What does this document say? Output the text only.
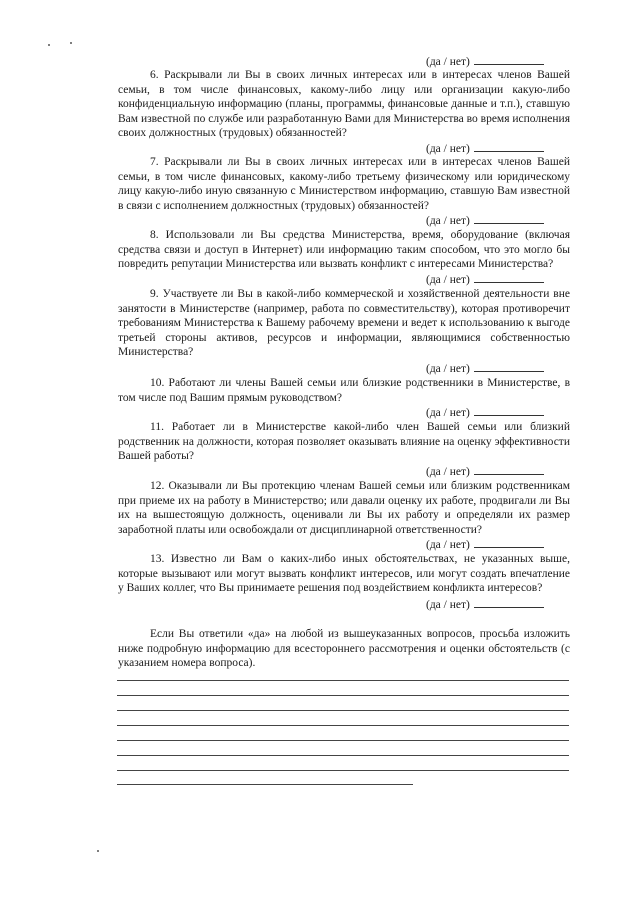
(да / нет)

6. Раскрывали ли Вы в своих личных интересах или в интересах членов Вашей семьи, в том числе финансовых, какому-либо лицу или организации какую-либо конфиденциальную информацию (планы, программы, финансовые данные и т.п.), ставшую Вам известной по службе или разработанную Вами для Министерства во время исполнения своих должностных (трудовых) обязанностей?

(да / нет)

7. Раскрывали ли Вы в своих личных интересах или в интересах членов Вашей семьи, в том числе финансовых, какому-либо третьему физическому или юридическому лицу какую-либо иную связанную с Министерством информацию, ставшую Вам известной в связи с исполнением должностных (трудовых) обязанностей?

(да / нет)

8. Использовали ли Вы средства Министерства, время, оборудование (включая средства связи и доступ в Интернет) или информацию таким способом, что это могло бы повредить репутации Министерства или вызвать конфликт с интересами Министерства?

(да / нет)

9. Участвуете ли Вы в какой-либо коммерческой и хозяйственной деятельности вне занятости в Министерстве (например, работа по совместительству), которая противоречит требованиям Министерства к Вашему рабочему времени и ведет к использованию к выгоде третьей стороны активов, ресурсов и информации, являющимися собственностью Министерства?

(да / нет)

10. Работают ли члены Вашей семьи или близкие родственники в Министерстве, в том числе под Вашим прямым руководством?

(да / нет)

11. Работает ли в Министерстве какой-либо член Вашей семьи или близкий родственник на должности, которая позволяет оказывать влияние на оценку эффективности Вашей работы?

(да / нет)

12. Оказывали ли Вы протекцию членам Вашей семьи или близким родственникам при приеме их на работу в Министерство; или давали оценку их работе, продвигали ли Вы их на вышестоящую должность, оценивали ли Вы их работу и определяли их размер заработной платы или освобождали от дисциплинарной ответственности?

(да / нет)

13. Известно ли Вам о каких-либо иных обстоятельствах, не указанных выше, которые вызывают или могут вызвать конфликт интересов, или могут создать впечатление у Ваших коллег, что Вы принимаете решения под воздействием конфликта интересов?

(да / нет)

Если Вы ответили «да» на любой из вышеуказанных вопросов, просьба изложить ниже подробную информацию для всестороннего рассмотрения и оценки обстоятельств (с указанием номера вопроса).
